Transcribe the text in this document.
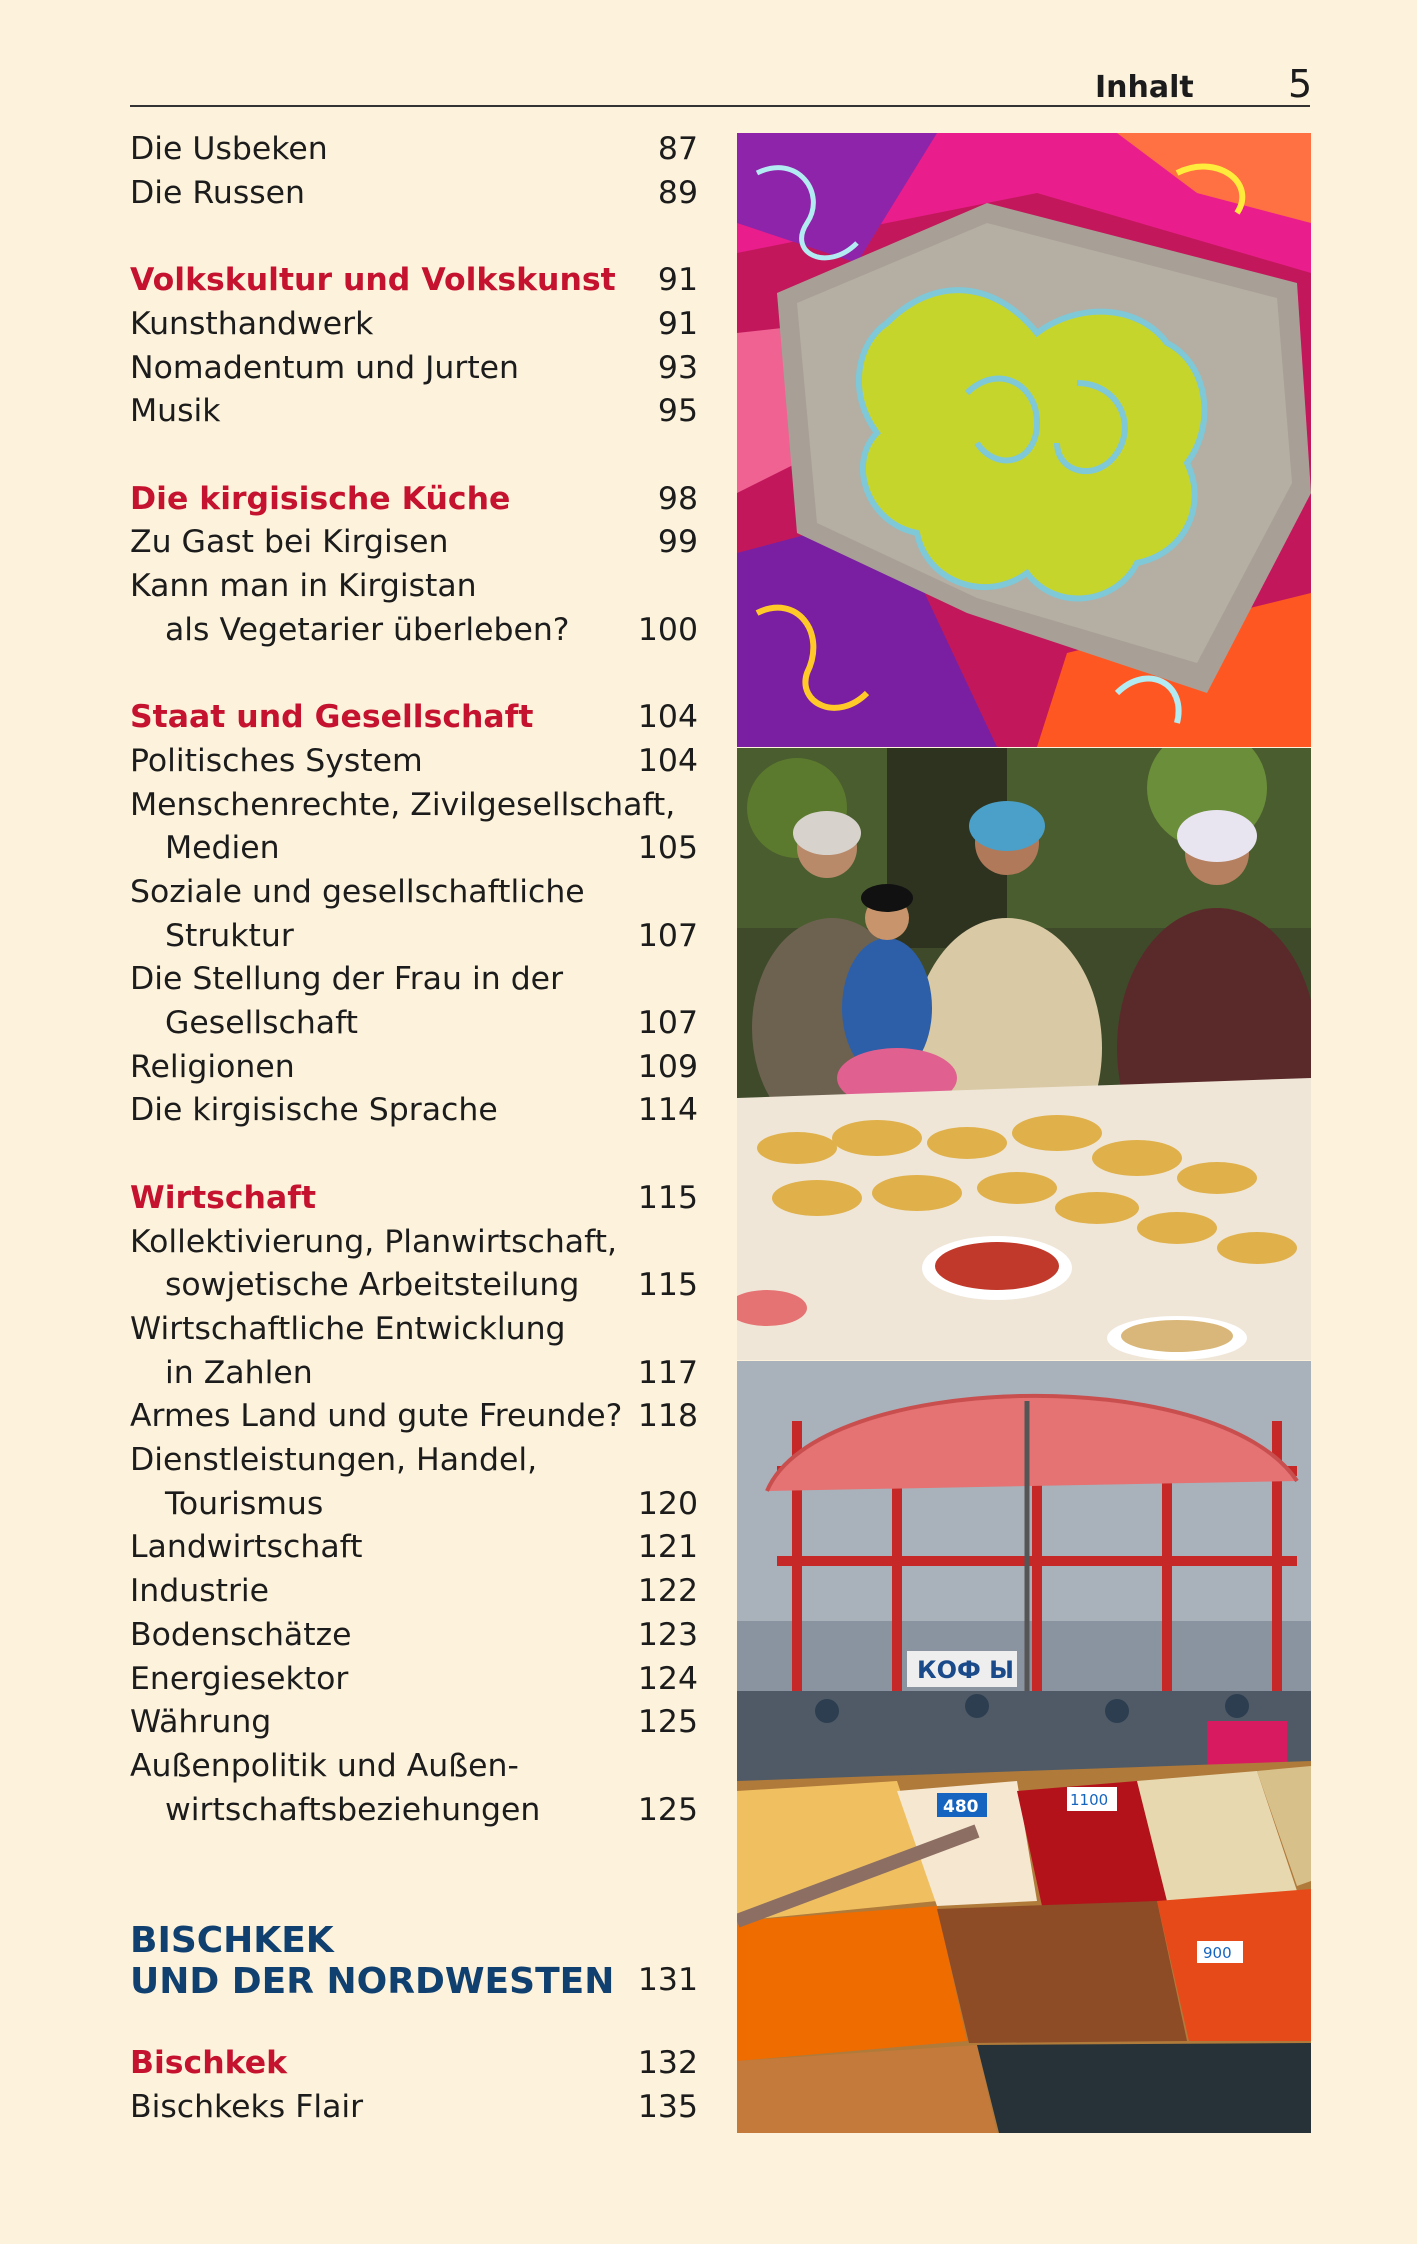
Inhalt 5
Die Usbeken	87
Die Russen	89
Volkskultur und Volkskunst	91
Kunsthandwerk	91
Nomadentum und Jurten	93
Musik	95
Die kirgisische Küche	98
Zu Gast bei Kirgisen	99
Kann man in Kirgistan
als Vegetarier überleben?	100
Staat und Gesellschaft	104
Politisches System	104
Menschenrechte, Zivilgesellschaft,
Medien	105
Soziale und gesellschaftliche
Struktur	107
Die Stellung der Frau in der
Gesellschaft	107
Religionen	109
Die kirgisische Sprache	114
Wirtschaft	115
Kollektivierung, Planwirtschaft,
sowjetische Arbeitsteilung	115
Wirtschaftliche Entwicklung
in Zahlen	117
Armes Land und gute Freunde? 118
Dienstleistungen, Handel,
Tourismus	120
Landwirtschaft	121
Industrie	122
Bodenschätze	123
Energiesektor	124
Währung	125
Außenpolitik und Außen-
wirtschaftsbeziehungen	125
BISCHKEK
UND DER NORDWESTEN 131
Bischkek	132
Bischkeks Flair	135
КОФ Ы
480	1100
900
